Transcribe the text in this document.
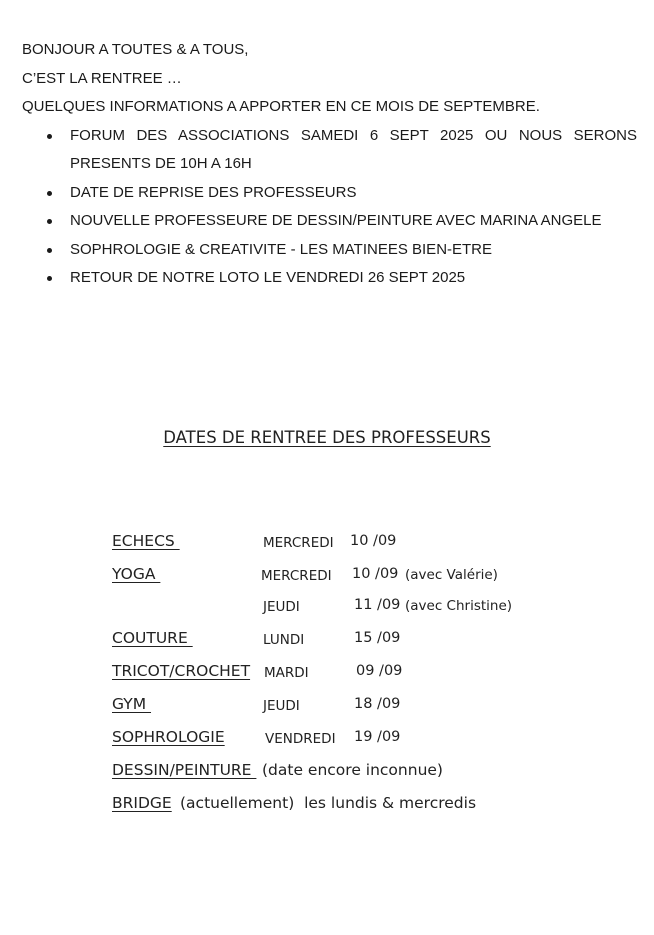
BONJOUR A TOUTES & A TOUS,

C’EST LA RENTREE …

QUELQUES INFORMATIONS A APPORTER EN CE MOIS DE SEPTEMBRE.

FORUM DES ASSOCIATIONS SAMEDI 6 SEPT 2025 OU NOUS SERONS PRESENTS DE 10H A 16H
DATE DE REPRISE DES PROFESSEURS
NOUVELLE PROFESSEURE DE DESSIN/PEINTURE AVEC MARINA ANGELE
SOPHROLOGIE & CREATIVITE - LES MATINEES BIEN-ETRE
RETOUR DE NOTRE LOTO LE VENDREDI 26 SEPT 2025
DATES DE RENTREE DES PROFESSEURS
ECHECS	MERCREDI 10 /09
YOGA	MERCREDI 10 /09 (avec Valérie)
JEUDI	11 /09 (avec Christine)
COUTURE	LUNDI	15 /09
TRICOT/CROCHET MARDI	09 /09
GYM	JEUDI	18 /09
SOPHROLOGIE	VENDREDI 19 /09
DESSIN/PEINTURE (date encore inconnue)
BRIDGE (actuellement)  les lundis & mercredis
